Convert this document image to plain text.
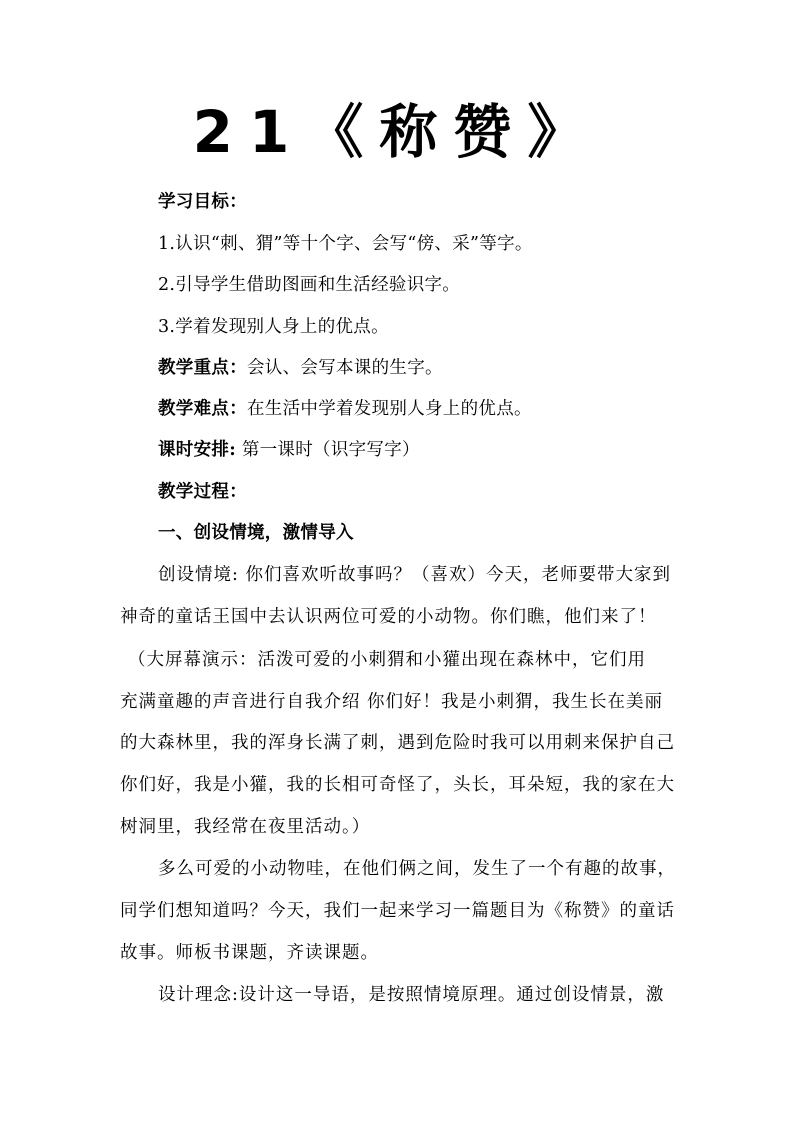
21《称赞》
学习目标：
1.认识“刺、猬”等十个字、会写“傍、采”等字。
2.引导学生借助图画和生活经验识字。
3.学着发现别人身上的优点。
教学重点：会认、会写本课的生字。
教学难点：在生活中学着发现别人身上的优点。
课时安排: 第一课时（识字写字）
教学过程：
一、创设情境，激情导入
创设情境: 你们喜欢听故事吗？（喜欢）今天，老师要带大家到
神奇的童话王国中去认识两位可爱的小动物。你们瞧，他们来了！
（大屏幕演示：活泼可爱的小刺猬和小獾出现在森林中，它们用
充满童趣的声音进行自我介绍 你们好！我是小刺猬，我生长在美丽
的大森林里，我的浑身长满了刺，遇到危险时我可以用刺来保护自己
你们好，我是小獾，我的长相可奇怪了，头长，耳朵短，我的家在大
树洞里，我经常在夜里活动。）
多么可爱的小动物哇，在他们俩之间，发生了一个有趣的故事，
同学们想知道吗？今天，我们一起来学习一篇题目为《称赞》的童话
故事。师板书课题，齐读课题。
设计理念:设计这一导语，是按照情境原理。通过创设情景，激
